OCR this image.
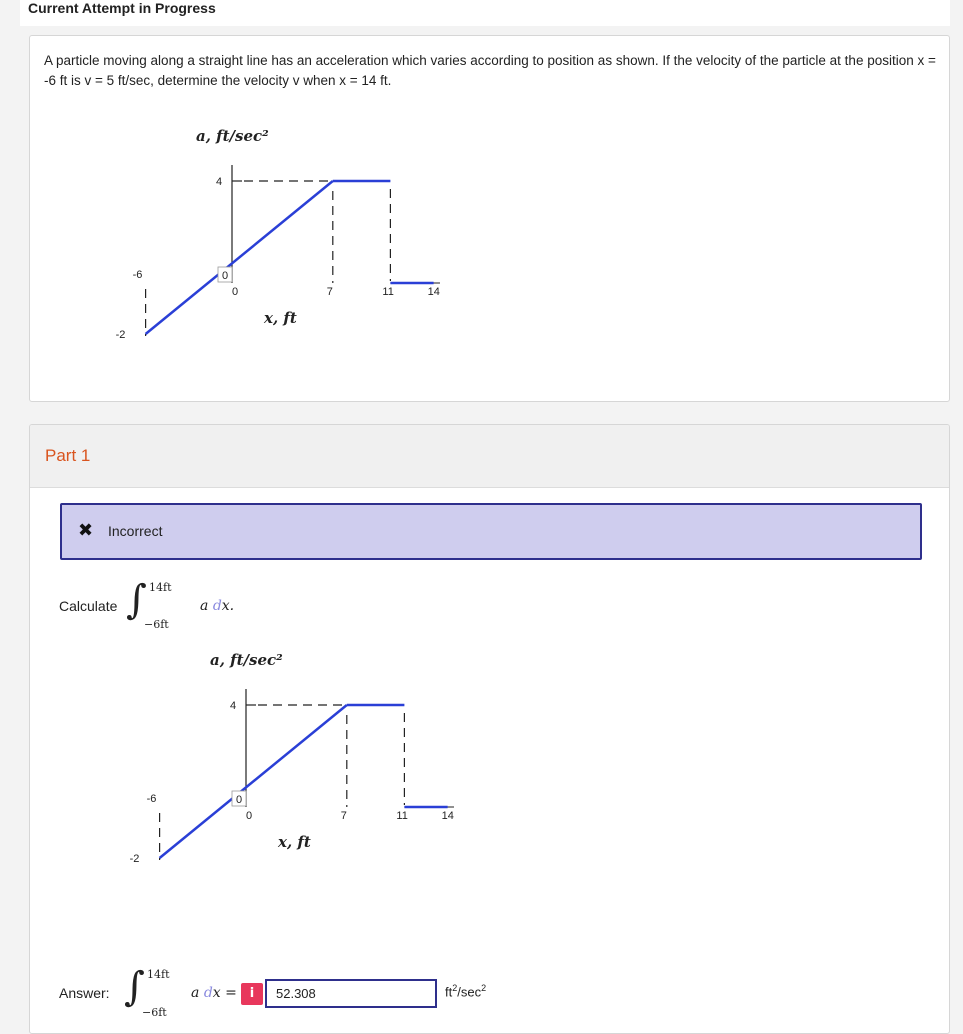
Current Attempt in Progress
A particle moving along a straight line has an acceleration which varies according to position as shown. If the velocity of the particle at the position x = -6 ft is v = 5 ft/sec, determine the velocity v when x = 14 ft.
4
-2
-6	0
0	7	11	14
a, ft/sec²
x, ft
Part 1
✖ Incorrect
Calculate ∫ 14ft
−6ft
a dx.
4
-2
-6	0
0	7	11	14
a, ft/sec²
x, ft
Answer: ∫ 14ft
−6ft
a dx = i	52.308	$ft^2/\sec^2$
